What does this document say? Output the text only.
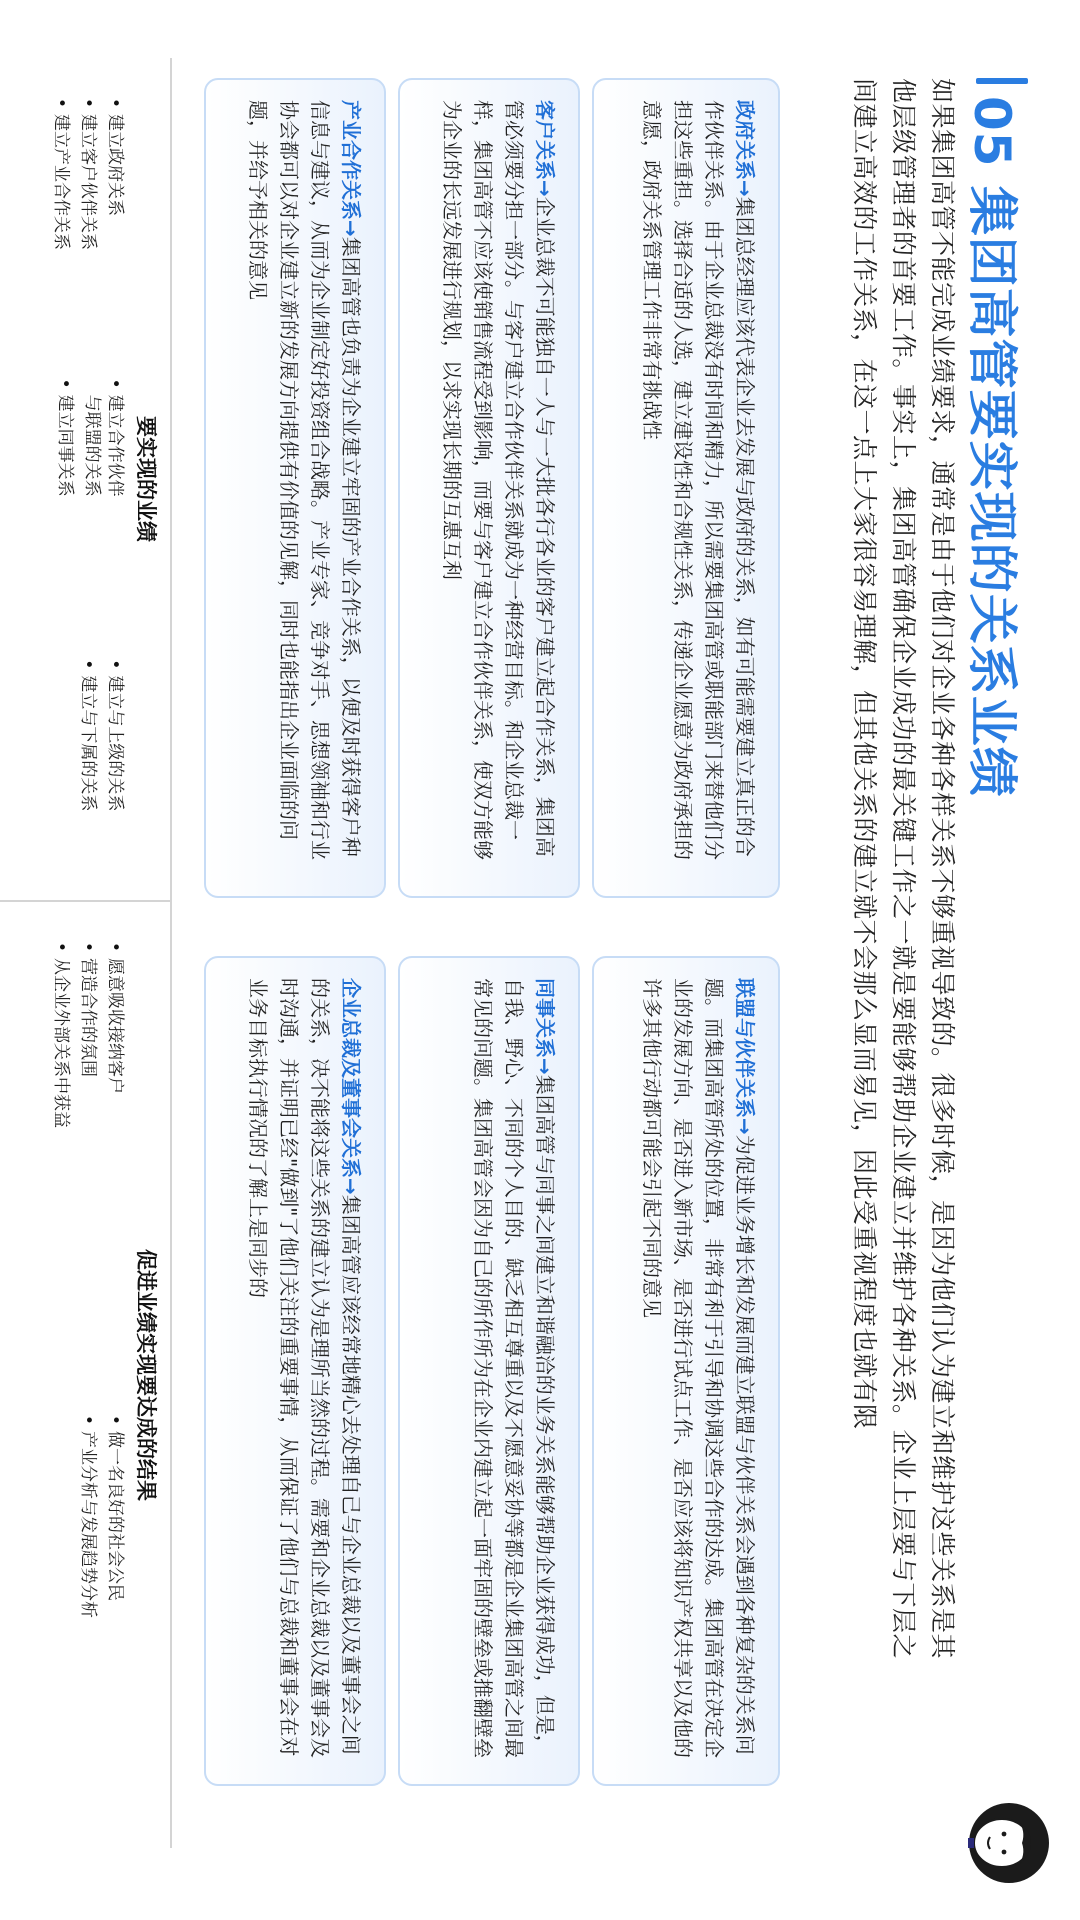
05集团高管要实现的关系业绩
如果集团高管不能完成业绩要求，通常是由于他们对企业各种各样关系不够重视导致的。很多时候，是因为他们认为建立和维护这些关系是其他层级管理者的首要工作。事实上，集团高管确保企业成功的最关键工作之一就是要能够帮助企业建立并维护各种关系。企业上层要与下层之间建立高效的工作关系，在这一点上大家很容易理解，但其他关系的建立就不会那么显而易见，因此受重视程度也就有限
政府关系→集团总经理应该代表企业去发展与政府的关系，如有可能需要建立真正的合作伙伴关系。由于企业总裁没有时间和精力，所以需要集团高管或职能部门来替他们分担这些重担。选择合适的人选，建立建设性和合规性关系，传递企业愿意为政府承担的意愿，政府关系管理工作非常有挑战性
联盟与伙伴关系→为促进业务增长和发展而建立联盟与伙伴关系会遇到各种复杂的关系问题。而集团高管所处的位置，非常有利于引导和协调这些合作的达成。集团高管在决定企业的发展方向、是否进入新市场、是否进行试点工作、是否应该将知识产权共享以及他的许多其他行动都可能会引起不同的意见
客户关系→企业总裁不可能独自一人与一大批各行各业的客户建立起合作关系，集团高管必须要分担一部分。与客户建立合作伙伴关系就成为一种经营目标。和企业总裁一样，集团高管不应该使销售流程受到影响，而要与客户建立合作伙伴关系，使双方能够为企业的长远发展进行规划，以求实现长期的互惠互利
同事关系→集团高管与同事之间建立和谐融洽的业务关系能够帮助企业获得成功，但是，自我、野心、不同的个人目的、缺乏相互尊重以及不愿意妥协等都是企业集团高管之间最常见的问题。集团高管会因为自己的所作所为在企业内建立起一面牢固的壁垒或推翻壁垒
产业合作关系→集团高管也负责为企业建立牢固的产业合作关系，以便及时获得客户种信息与建议，从而为企业制定好投资组合战略。产业专家、竞争对手、思想领袖和行业协会都可以对企业建立新的发展方向提供有价值的见解，同时也能指出企业面临的问题，并给予相关的意见
企业总裁及董事会关系→集团高管应该经常地精心去处理自己与企业总裁以及董事会之间的关系，决不能将这些关系的建立认为是理所当然的过程。需要和企业总裁以及董事会及时沟通，并证明已经"做到"了他们关注的重要事情，从而保证了他们与总裁和董事会在对业务目标执行情况的了解上是同步的
要实现的业绩
• 建立政府关系
• 建立客户伙伴关系
• 建立产业合作关系
• 建立合作伙伴
与联盟的关系
• 建立同事关系
• 建立与上级的关系
• 建立与下属的关系
促进业绩实现要达成的结果
• 愿意吸收接纳客户
• 营造合作的氛围
• 从企业外部关系中获益
• 做一名良好的社会公民
• 产业分析与发展趋势分析
